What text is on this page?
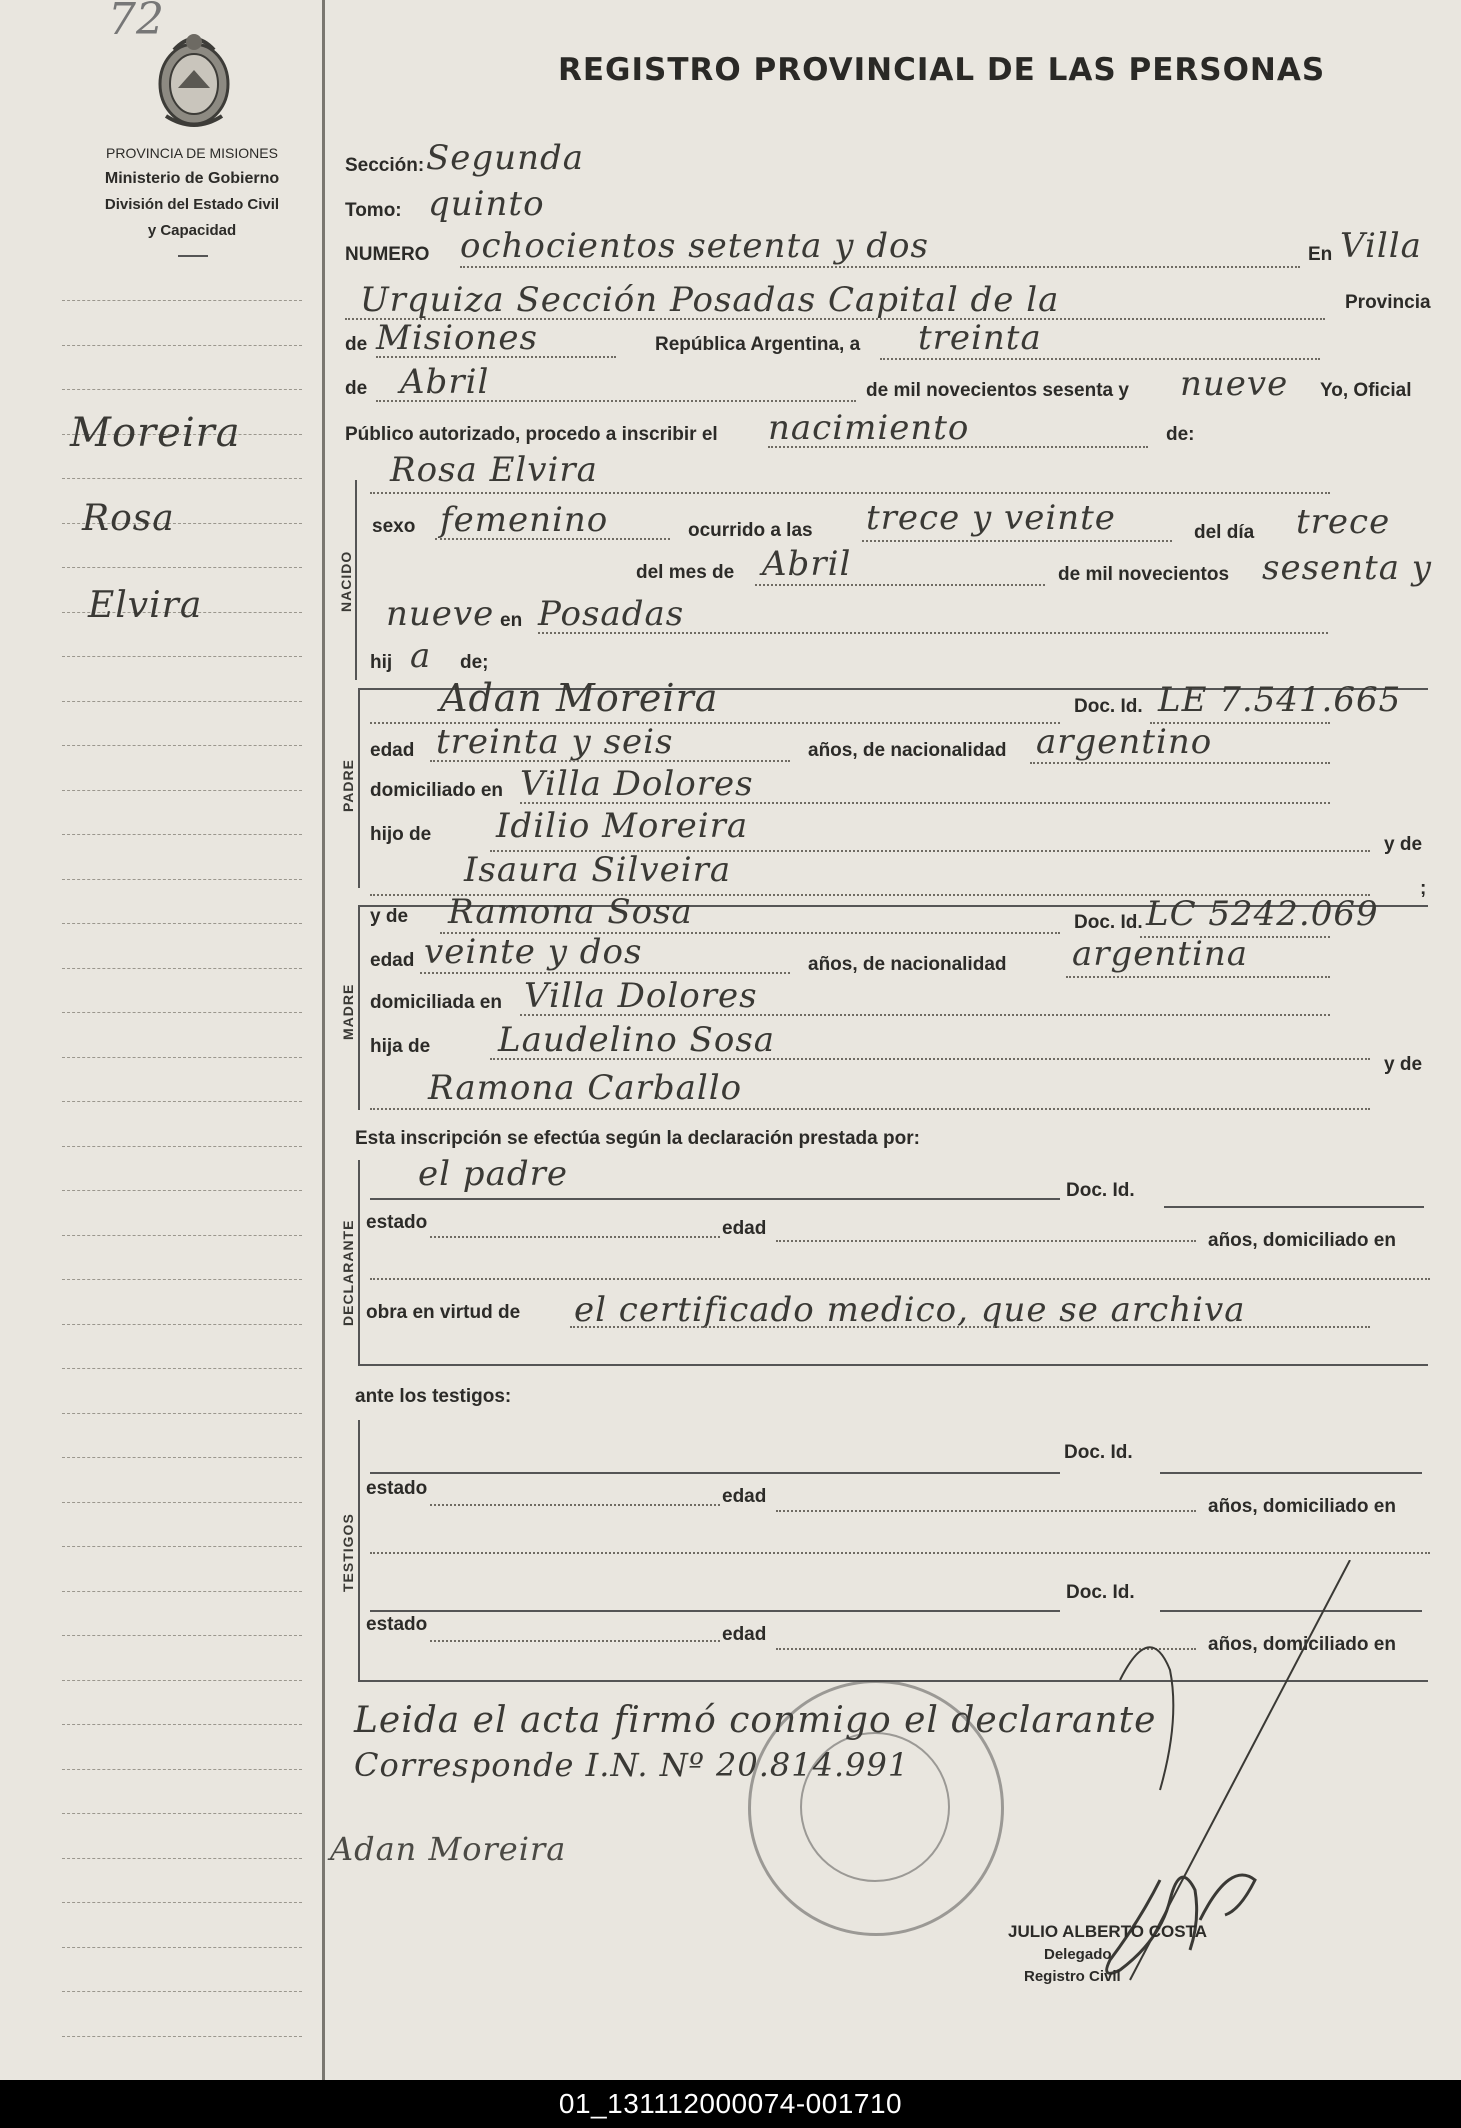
72
REGISTRO PROVINCIAL DE LAS PERSONAS
PROVINCIA DE MISIONES
Ministerio de Gobierno
División del Estado Civil
y Capacidad
Moreira
Rosa
Elvira
Sección: Segunda
Tomo: quinto
NUMERO ochocientos setenta y dos	En Villa
Urquiza Sección Posadas Capital de la	Provincia
de Misiones	República Argentina, a treinta
de Abril	de mil novecientos sesenta y nueve Yo, Oficial
Público autorizado, procedo a inscribir el nacimiento	de:
NACIDO
Rosa Elvira
sexo femenino	ocurrido a las trece y veinte	del día trece
del mes de Abril	de mil novecientos sesenta y
nueve en Posadas
hij a de;
PADRE
Adan Moreira	Doc. Id. LE 7.541.665
edad treinta y seis	años, de nacionalidad argentino
domiciliado en Villa Dolores
hijo de Idilio Moreira	y de
Isaura Silveira	;
MADRE
y de Ramona Sosa	Doc. Id. LC 5242.069
edad veinte y dos	años, de nacionalidad argentina
domiciliada en Villa Dolores
hija de Laudelino Sosa
y de
Ramona Carballo
Esta inscripción se efectúa según la declaración prestada por:
DECLARANTE
el padre	Doc. Id.
estado	edad
años, domiciliado en
obra en virtud de el certificado medico, que se archiva
ante los testigos:
TESTIGOS
Doc. Id.
estado	edad	años, domiciliado en
Doc. Id.
estado	edad	años, domiciliado en
Leida el acta firmó conmigo el declarante
Corresponde I.N. Nº 20.814.991
Adan Moreira
JULIO ALBERTO COSTA
Delegado
Registro Civil
01_131112000074-001710
